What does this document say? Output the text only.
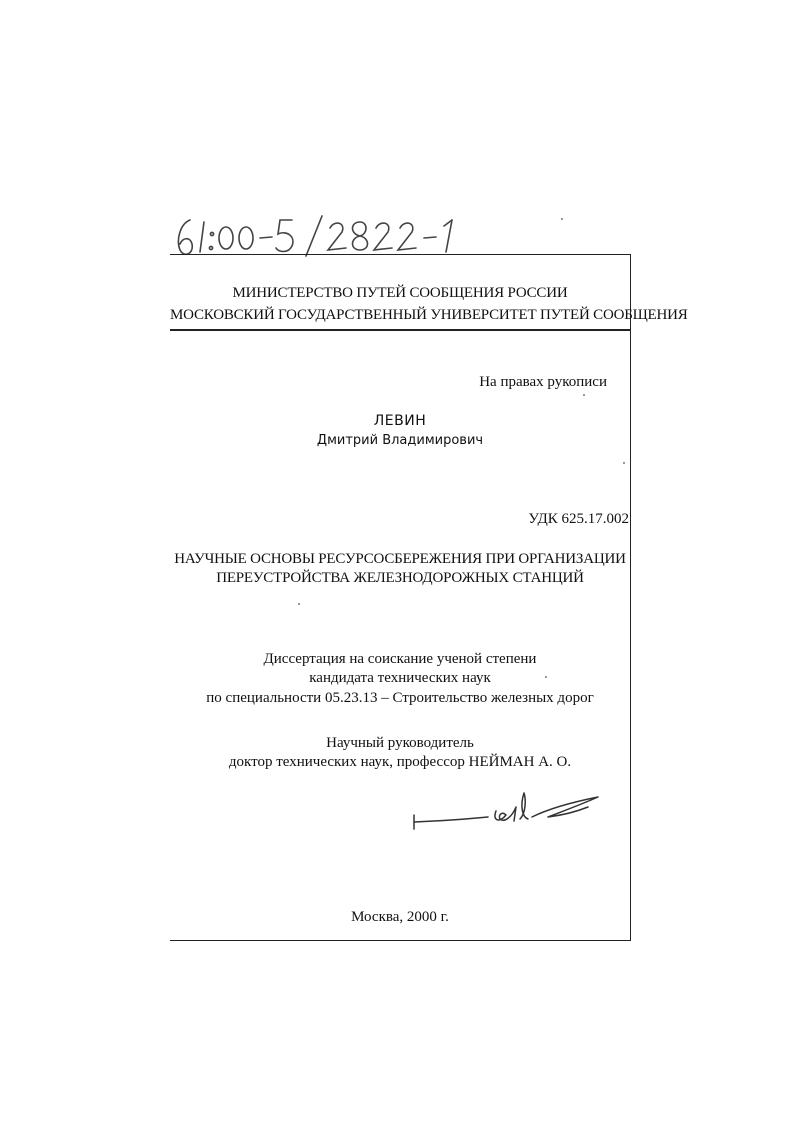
МИНИСТЕРСТВО ПУТЕЙ СООБЩЕНИЯ РОССИИ
МОСКОВСКИЙ ГОСУДАРСТВЕННЫЙ УНИВЕРСИТЕТ ПУТЕЙ СООБЩЕНИЯ
На правах рукописи
ЛЕВИН
Дмитрий Владимирович
УДК 625.17.002
НАУЧНЫЕ ОСНОВЫ РЕСУРСОСБЕРЕЖЕНИЯ ПРИ ОРГАНИЗАЦИИ
ПЕРЕУСТРОЙСТВА ЖЕЛЕЗНОДОРОЖНЫХ СТАНЦИЙ
Диссертация на соискание ученой степени
кандидата технических наук
по специальности 05.23.13 – Строительство железных дорог
Научный руководитель
доктор технических наук, профессор НЕЙМАН А. О.
Москва, 2000 г.
